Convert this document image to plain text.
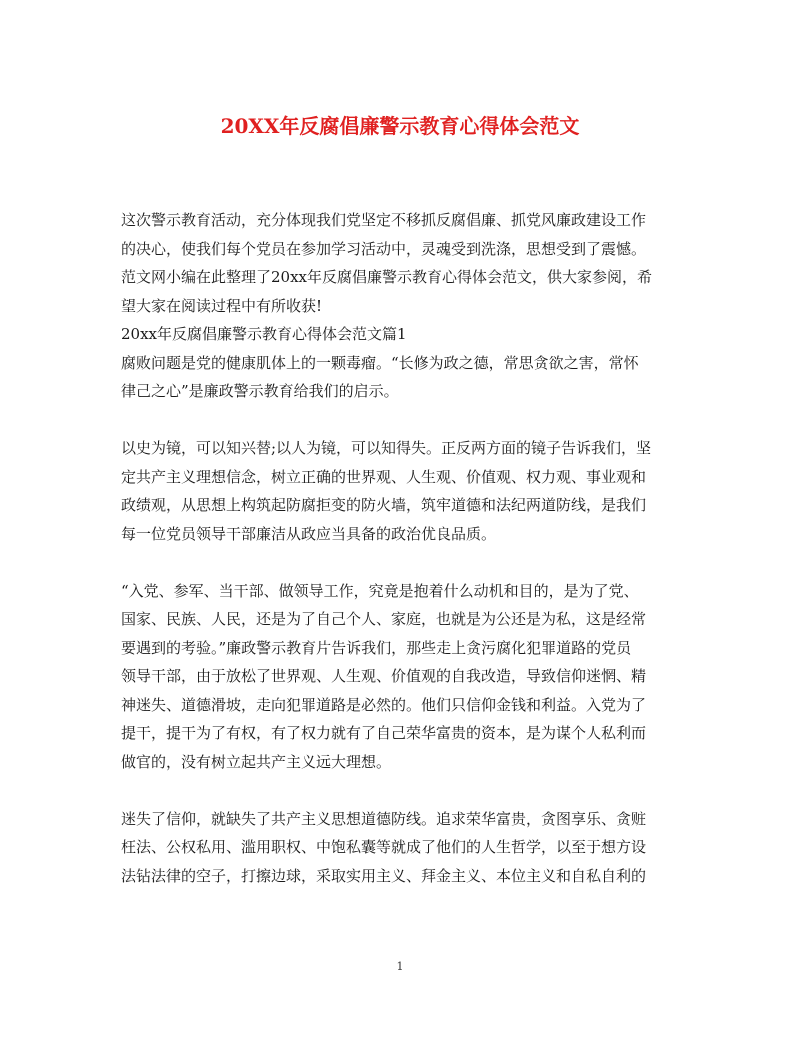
20XX年反腐倡廉警示教育心得体会范文

这次警示教育活动，充分体现我们党坚定不移抓反腐倡廉、抓党风廉政建设工作

的决心，使我们每个党员在参加学习活动中，灵魂受到洗涤，思想受到了震憾。

范文网小编在此整理了20xx年反腐倡廉警示教育心得体会范文，供大家参阅，希

望大家在阅读过程中有所收获!

20xx年反腐倡廉警示教育心得体会范文篇1

腐败问题是党的健康肌体上的一颗毒瘤。“长修为政之德，常思贪欲之害，常怀

律己之心”是廉政警示教育给我们的启示。

以史为镜，可以知兴替;以人为镜，可以知得失。正反两方面的镜子告诉我们，坚

定共产主义理想信念，树立正确的世界观、人生观、价值观、权力观、事业观和

政绩观，从思想上构筑起防腐拒变的防火墙，筑牢道德和法纪两道防线，是我们

每一位党员领导干部廉洁从政应当具备的政治优良品质。

“入党、参军、当干部、做领导工作，究竟是抱着什么动机和目的，是为了党、

国家、民族、人民，还是为了自己个人、家庭，也就是为公还是为私，这是经常

要遇到的考验。”廉政警示教育片告诉我们，那些走上贪污腐化犯罪道路的党员

领导干部，由于放松了世界观、人生观、价值观的自我改造，导致信仰迷惘、精

神迷失、道德滑坡，走向犯罪道路是必然的。他们只信仰金钱和利益。入党为了

提干，提干为了有权，有了权力就有了自己荣华富贵的资本，是为谋个人私利而

做官的，没有树立起共产主义远大理想。

迷失了信仰，就缺失了共产主义思想道德防线。追求荣华富贵，贪图享乐、贪赃

枉法、公权私用、滥用职权、中饱私囊等就成了他们的人生哲学，以至于想方设

法钻法律的空子，打擦边球，采取实用主义、拜金主义、本位主义和自私自利的

1
